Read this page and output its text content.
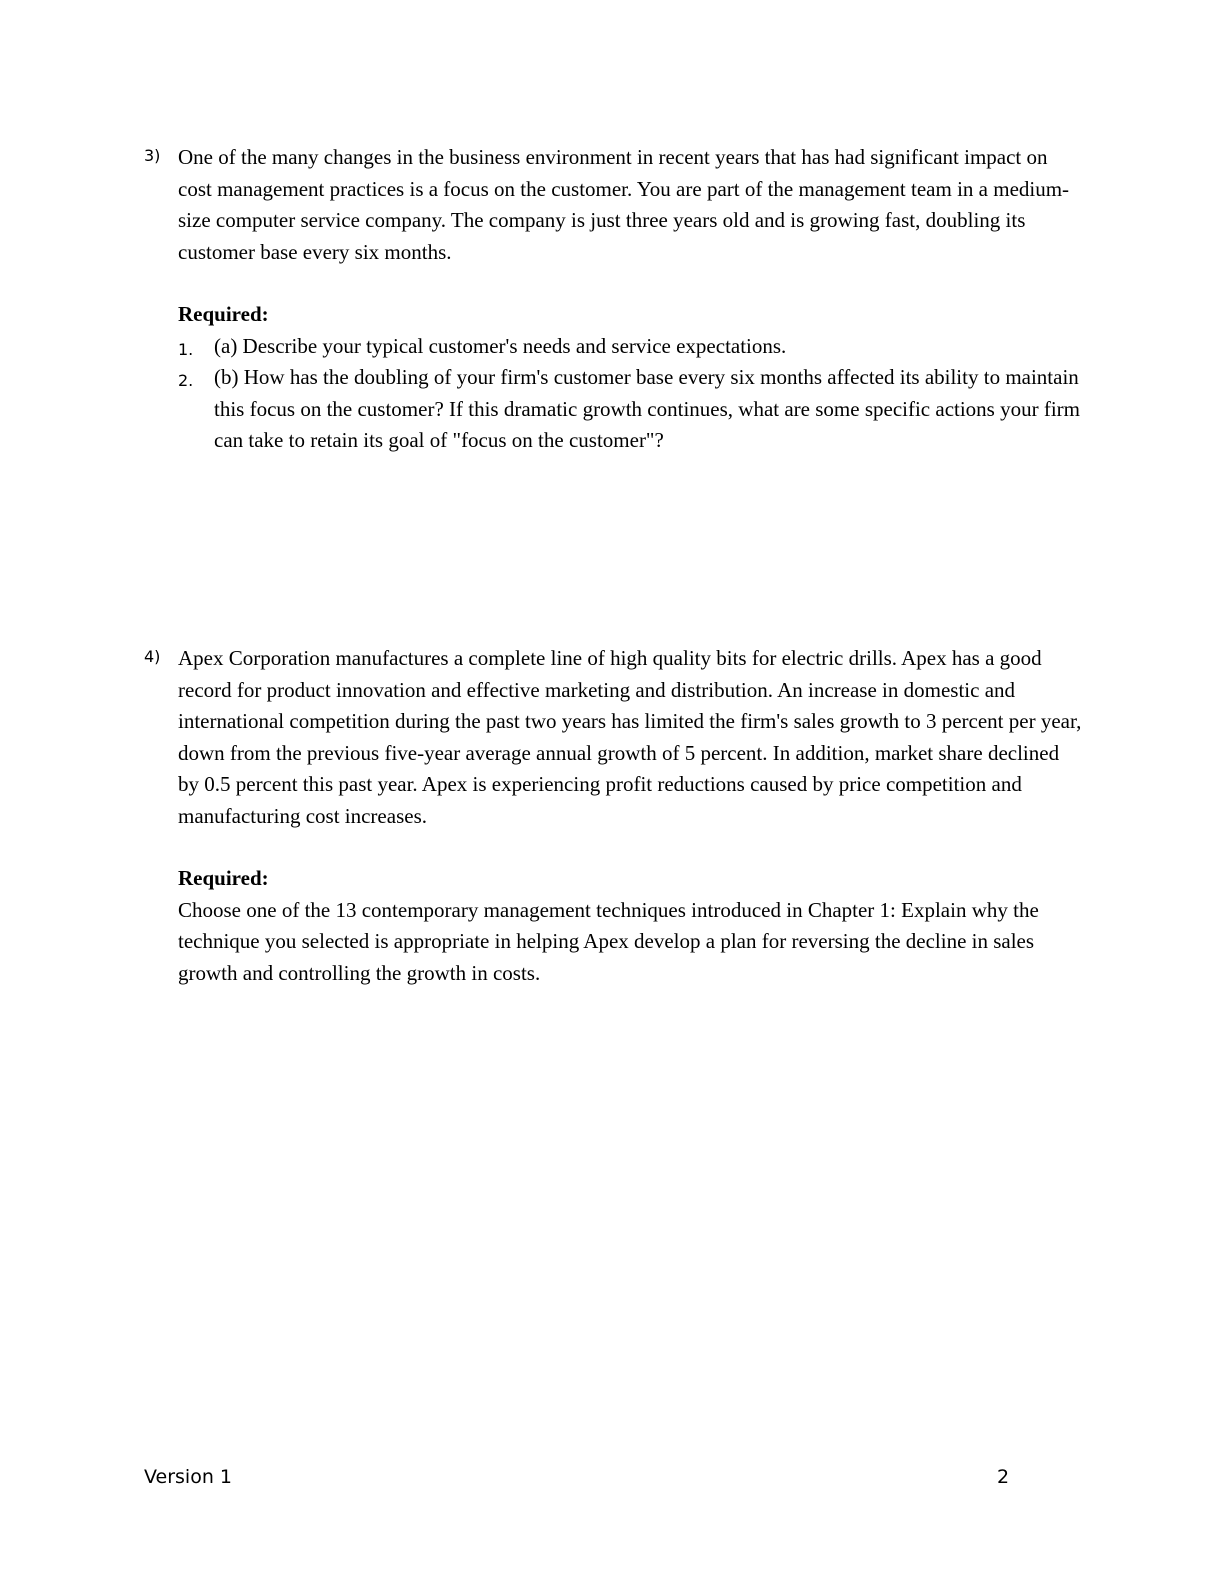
3) One of the many changes in the business environment in recent years that has had significant impact on cost management practices is a focus on the customer. You are part of the management team in a medium-size computer service company. The company is just three years old and is growing fast, doubling its customer base every six months.

Required:

1. (a) Describe your typical customer's needs and service expectations.

2. (b) How has the doubling of your firm's customer base every six months affected its ability to maintain this focus on the customer? If this dramatic growth continues, what are some specific actions your firm can take to retain its goal of "focus on the customer"?

4) Apex Corporation manufactures a complete line of high quality bits for electric drills. Apex has a good record for product innovation and effective marketing and distribution. An increase in domestic and international competition during the past two years has limited the firm's sales growth to 3 percent per year, down from the previous five-year average annual growth of 5 percent. In addition, market share declined by 0.5 percent this past year. Apex is experiencing profit reductions caused by price competition and manufacturing cost increases.

Required:

Choose one of the 13 contemporary management techniques introduced in Chapter 1: Explain why the technique you selected is appropriate in helping Apex develop a plan for reversing the decline in sales growth and controlling the growth in costs.

Version 1	2
